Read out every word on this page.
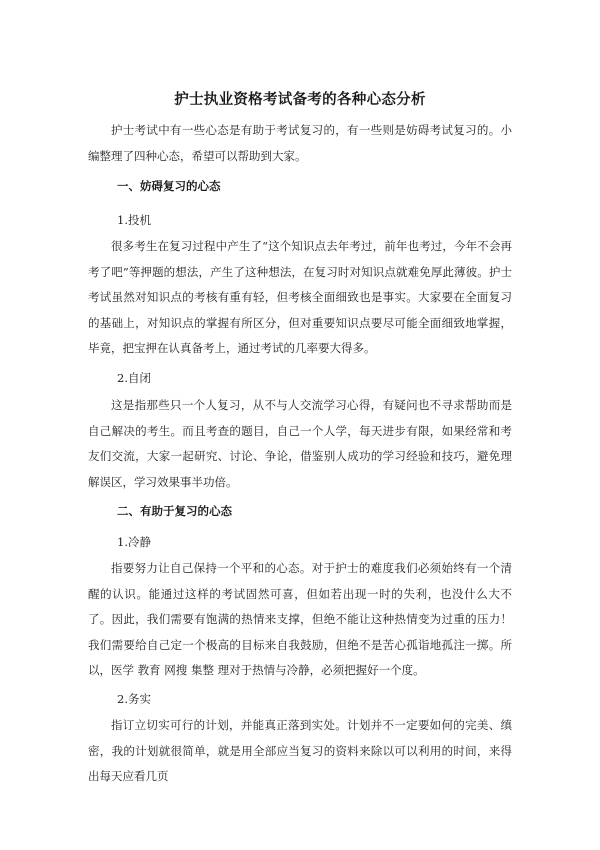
护士执业资格考试备考的各种心态分析
护士考试中有一些心态是有助于考试复习的，有一些则是妨碍考试复习的。小编整理了四种心态，希望可以帮助到大家。
一、妨碍复习的心态
1.投机
很多考生在复习过程中产生了“这个知识点去年考过，前年也考过，今年不会再考了吧”等押题的想法，产生了这种想法，在复习时对知识点就难免厚此薄彼。护士考试虽然对知识点的考核有重有轻，但考核全面细致也是事实。大家要在全面复习的基础上，对知识点的掌握有所区分，但对重要知识点要尽可能全面细致地掌握，毕竟，把宝押在认真备考上，通过考试的几率要大得多。
2.自闭
这是指那些只一个人复习，从不与人交流学习心得，有疑问也不寻求帮助而是自己解决的考生。而且考查的题目，自己一个人学，每天进步有限，如果经常和考友们交流，大家一起研究、讨论、争论，借鉴别人成功的学习经验和技巧，避免理解误区，学习效果事半功倍。
二、有助于复习的心态
1.冷静
指要努力让自己保持一个平和的心态。对于护士的难度我们必须始终有一个清醒的认识。能通过这样的考试固然可喜，但如若出现一时的失利，也没什么大不了。因此，我们需要有饱满的热情来支撑，但绝不能让这种热情变为过重的压力！我们需要给自己定一个极高的目标来自我鼓励，但绝不是苦心孤诣地孤注一掷。所以，医学 教育 网搜 集整 理对于热情与冷静，必须把握好一个度。
2.务实
指订立切实可行的计划，并能真正落到实处。计划并不一定要如何的完美、缜密，我的计划就很简单，就是用全部应当复习的资料来除以可以利用的时间，来得出每天应看几页
